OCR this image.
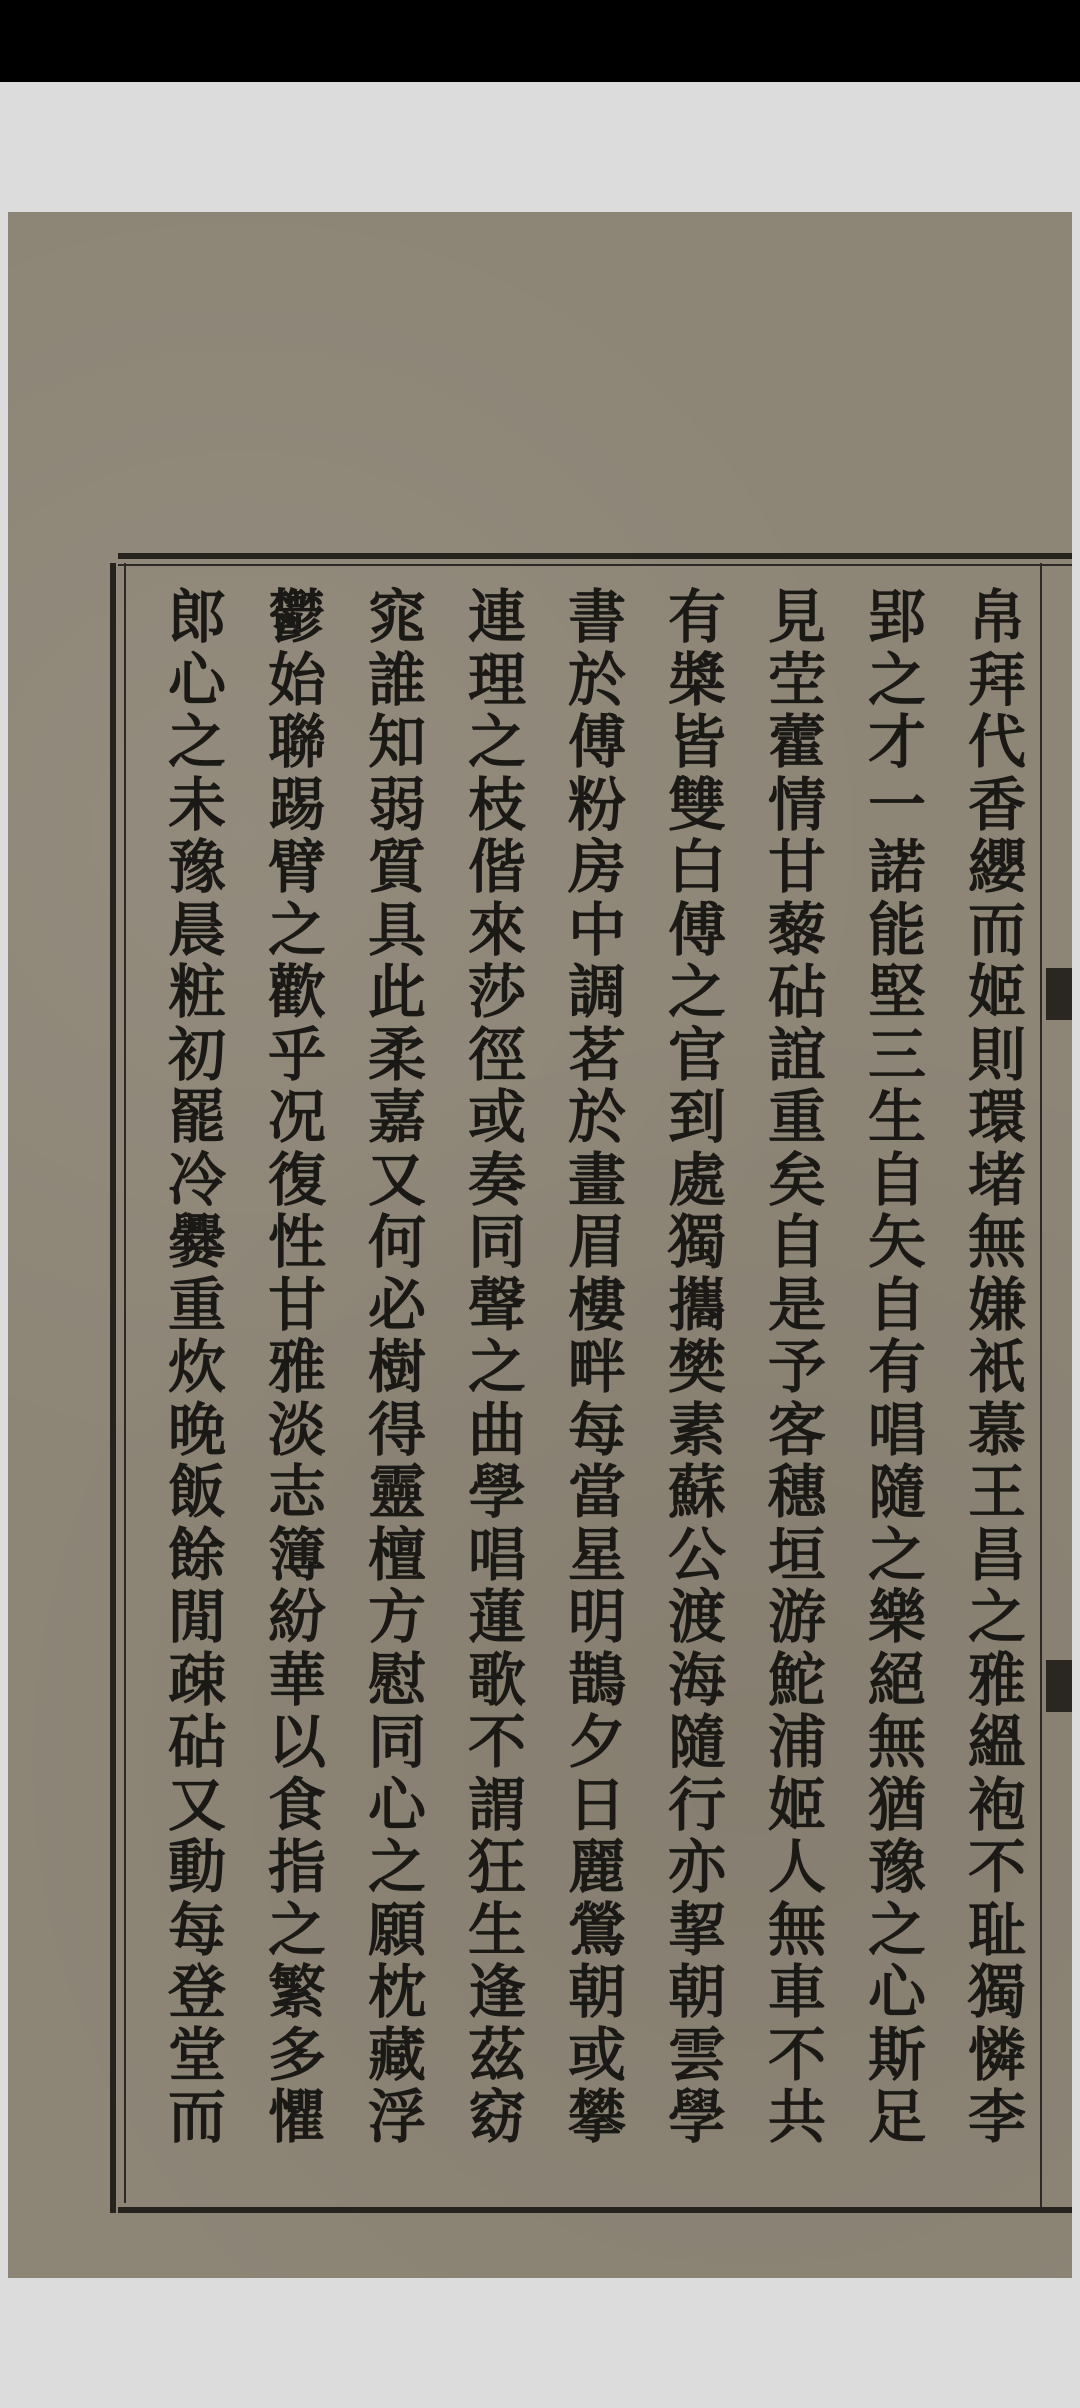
帛
拜
代
香
纓
而
姬
則
環
堵
無
嫌
衹
慕
王
昌
之
雅
縕
袍
不
耻
獨
憐
李
郢
之
才
一
諾
能
堅
三
生
自
矢
自
有
唱
隨
之
樂
絕
無
猶
豫
之
心
斯
足
見
茔
藿
情
甘
藜
砧
誼
重
矣
自
是
予
客
穗
垣
游
鮀
浦
姬
人
無
車
不
共
有
槳
皆
雙
白
傅
之
官
到
處
獨
攜
樊
素
蘇
公
渡
海
隨
行
亦
挈
朝
雲
學
書
於
傅
粉
房
中
調
茗
於
畫
眉
樓
畔
每
當
星
明
鵲
夕
日
麗
鶯
朝
或
攀
連
理
之
枝
偕
來
莎
徑
或
奏
同
聲
之
曲
學
唱
蓮
歌
不
謂
狂
生
逢
茲
窈
窕
誰
知
弱
質
具
此
柔
嘉
又
何
必
樹
得
靈
檀
方
慰
同
心
之
願
枕
藏
浮
鬱
始
聯
踢
臂
之
歡
乎
况
復
性
甘
雅
淡
志
簿
紛
華
以
食
指
之
繁
多
懼
郎
心
之
未
豫
晨
粧
初
罷
冷
爨
重
炊
晚
飯
餘
閒
疎
砧
又
動
每
登
堂
而
